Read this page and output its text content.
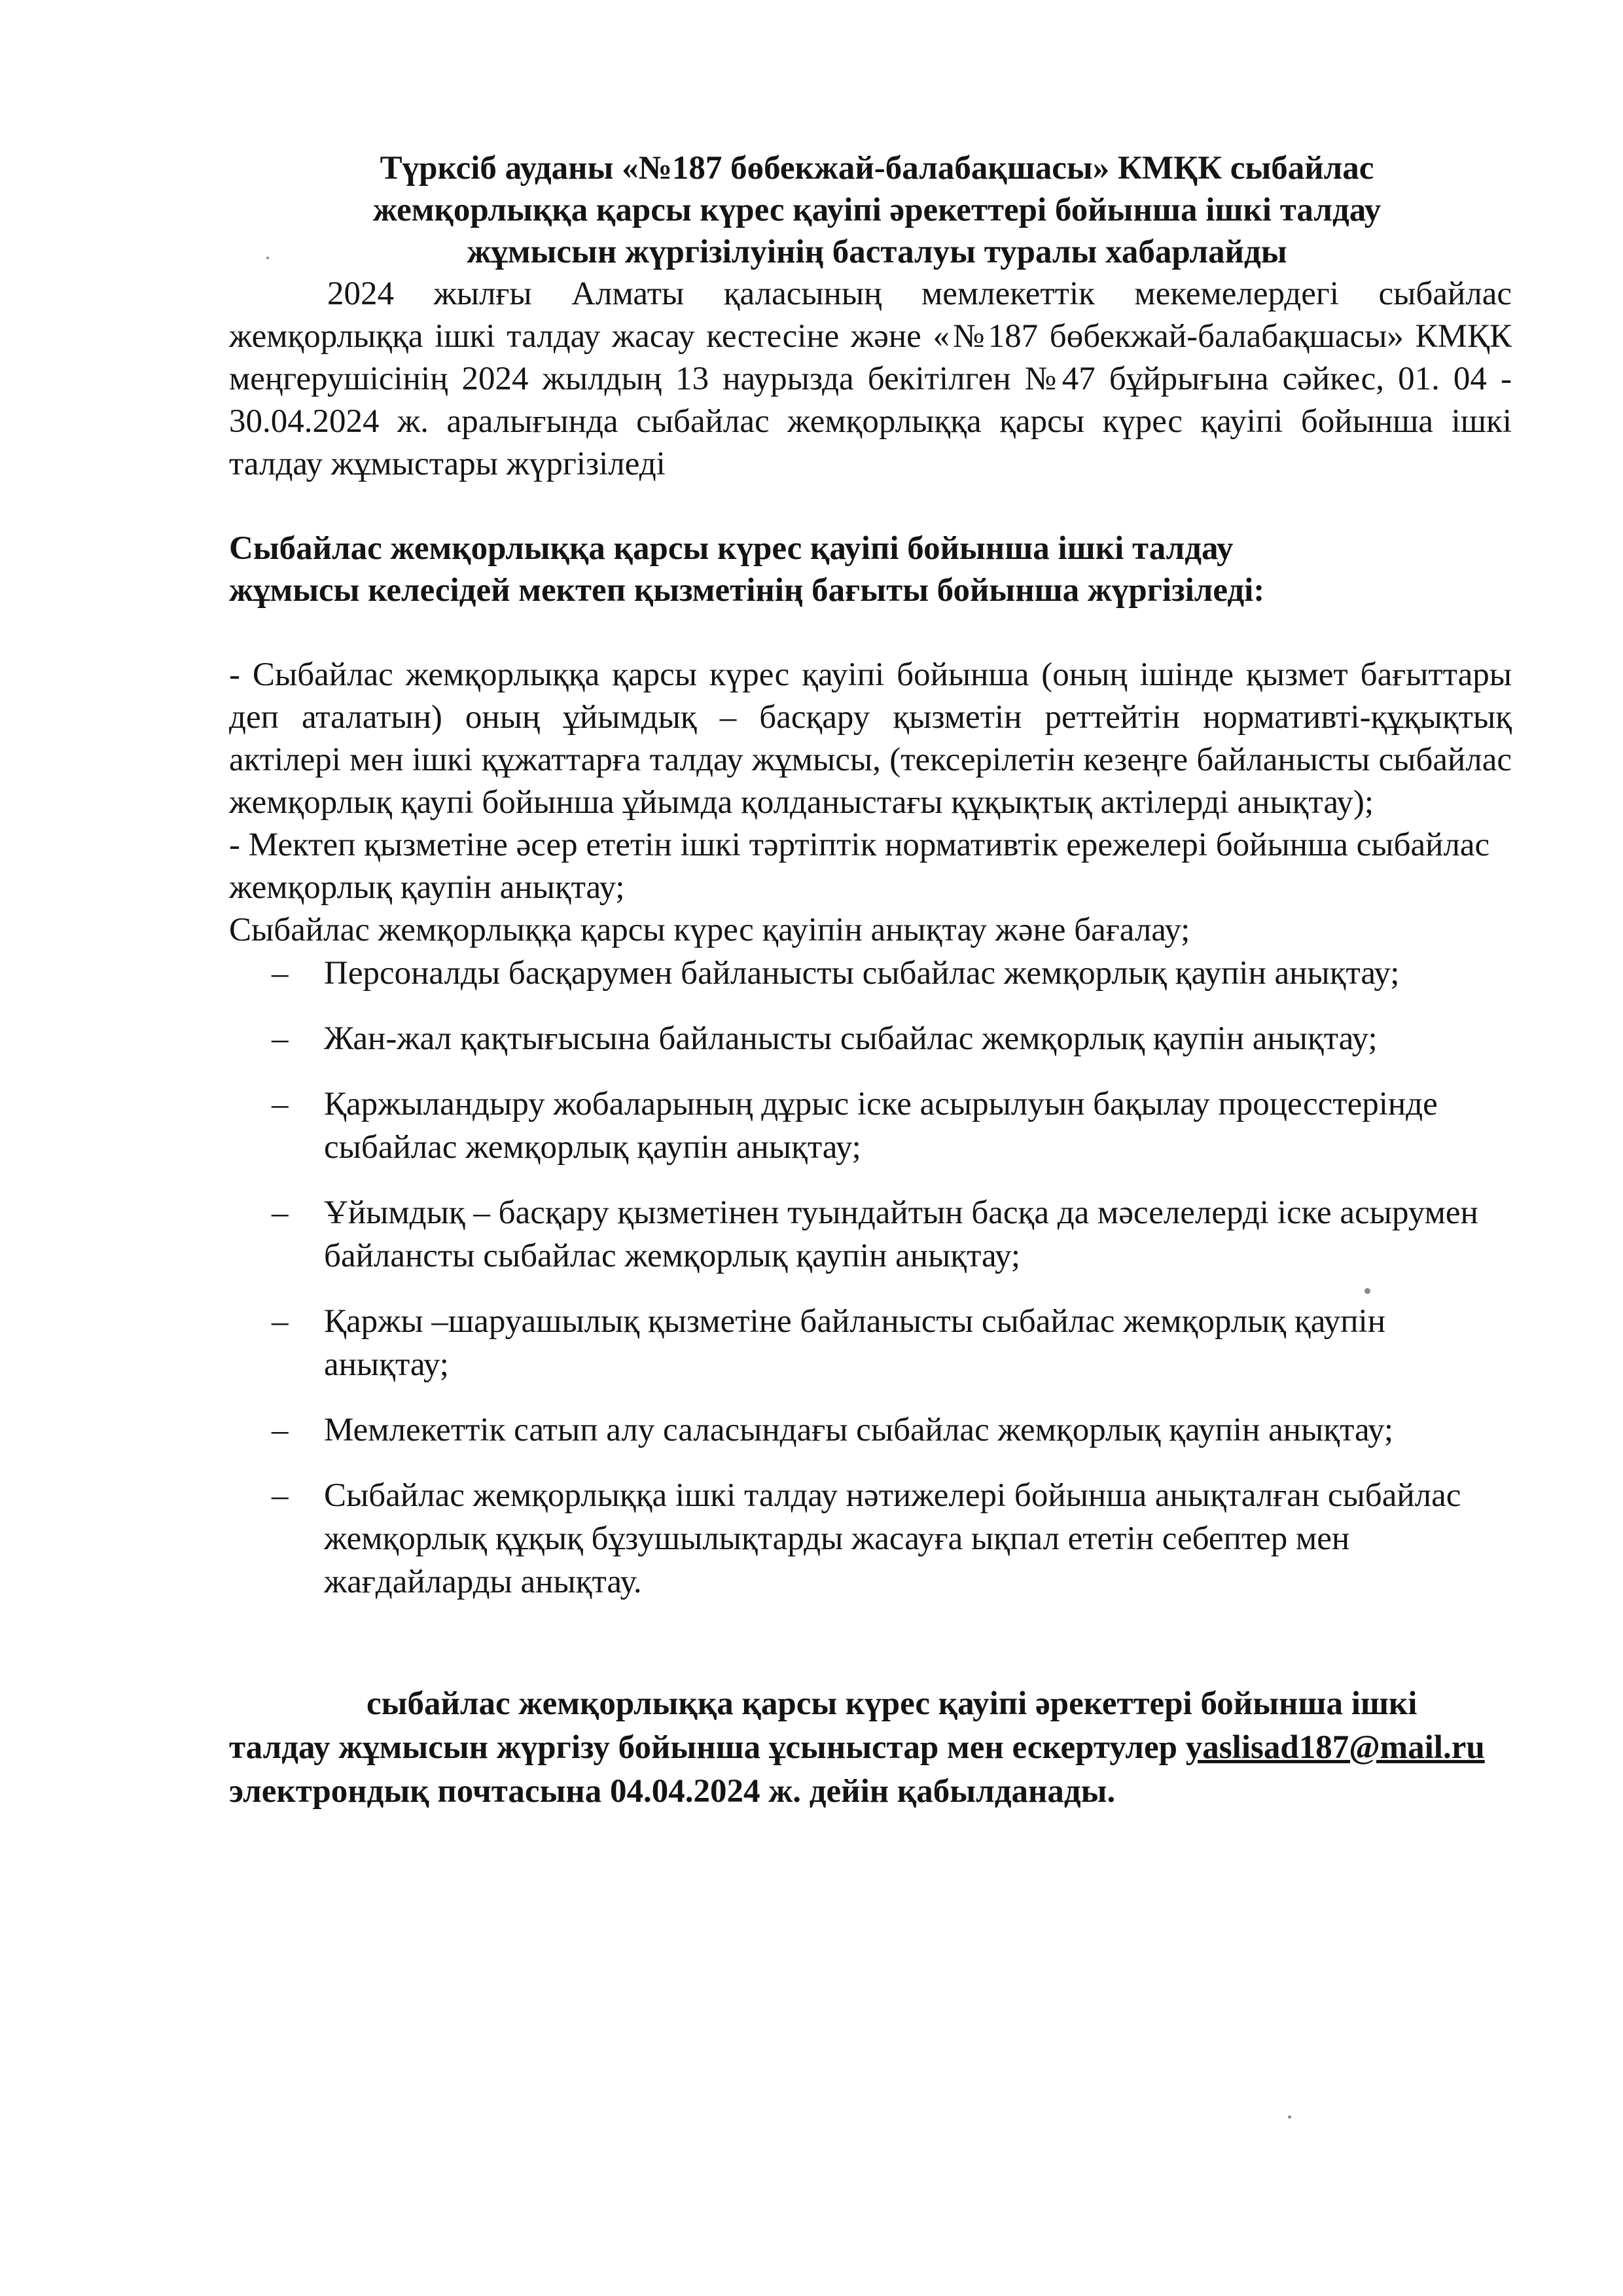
Түрксіб ауданы «№187 бөбекжай-балабақшасы» КМҚК сыбайлас
жемқорлыққа қарсы күрес қауіпі әрекеттері бойынша ішкі талдау
жұмысын жүргізілуінің басталуы туралы хабарлайды

2024 жылғы Алматы қаласының мемлекеттік мекемелердегі сыбайлас жемқорлыққа ішкі талдау жасау кестесіне және «№187 бөбекжай-балабақшасы» КМҚК меңгерушісінің 2024 жылдың 13 наурызда бекітілген №47 бұйрығына сәйкес, 01. 04 - 30.04.2024 ж. аралығында сыбайлас жемқорлыққа қарсы күрес қауіпі бойынша ішкі талдау жұмыстары жүргізіледі

Сыбайлас жемқорлыққа қарсы күрес қауіпі бойынша ішкі талдау
жұмысы келесідей мектеп қызметінің бағыты бойынша жүргізіледі:

- Сыбайлас жемқорлыққа қарсы күрес қауіпі бойынша (оның ішінде қызмет бағыттары деп аталатын) оның ұйымдық – басқару қызметін реттейтін нормативті-құқықтық актілері мен ішкі құжаттарға талдау жұмысы, (тексерілетін кезеңге байланысты сыбайлас жемқорлық қаупі бойынша ұйымда қолданыстағы құқықтық актілерді анықтау);

- Мектеп қызметіне әсер ететін ішкі тәртіптік нормативтік ережелері бойынша сыбайлас жемқорлық қаупін анықтау;

Сыбайлас жемқорлыққа қарсы күрес қауіпін анықтау және бағалау;

– Персоналды басқарумен байланысты сыбайлас жемқорлық қаупін анықтау;
– Жан-жал қақтығысына байланысты сыбайлас жемқорлық қаупін анықтау;
– Қаржыландыру жобаларының дұрыс іске асырылуын бақылау процесстерінде сыбайлас жемқорлық қаупін анықтау;
– Ұйымдық – басқару қызметінен туындайтын басқа да мәселелерді іске асырумен байланcты сыбайлас жемқорлық қаупін анықтау;
– Қаржы –шаруашылық қызметіне байланысты сыбайлас жемқорлық қаупін анықтау;
– Мемлекеттік сатып алу саласындағы сыбайлас жемқорлық қаупін анықтау;
– Сыбайлас жемқорлыққа ішкі талдау нәтижелері бойынша анықталған сыбайлас жемқорлық құқық бұзушылықтарды жасауға ықпал ететін себептер мен жағдайларды анықтау.

сыбайлас жемқорлыққа қарсы күрес қауіпі әрекеттері бойынша ішкі талдау жұмысын жүргізу бойынша ұсыныстар мен ескертулер yaslisad187@mail.ru электрондық почтасына 04.04.2024 ж. дейін қабылданады.
